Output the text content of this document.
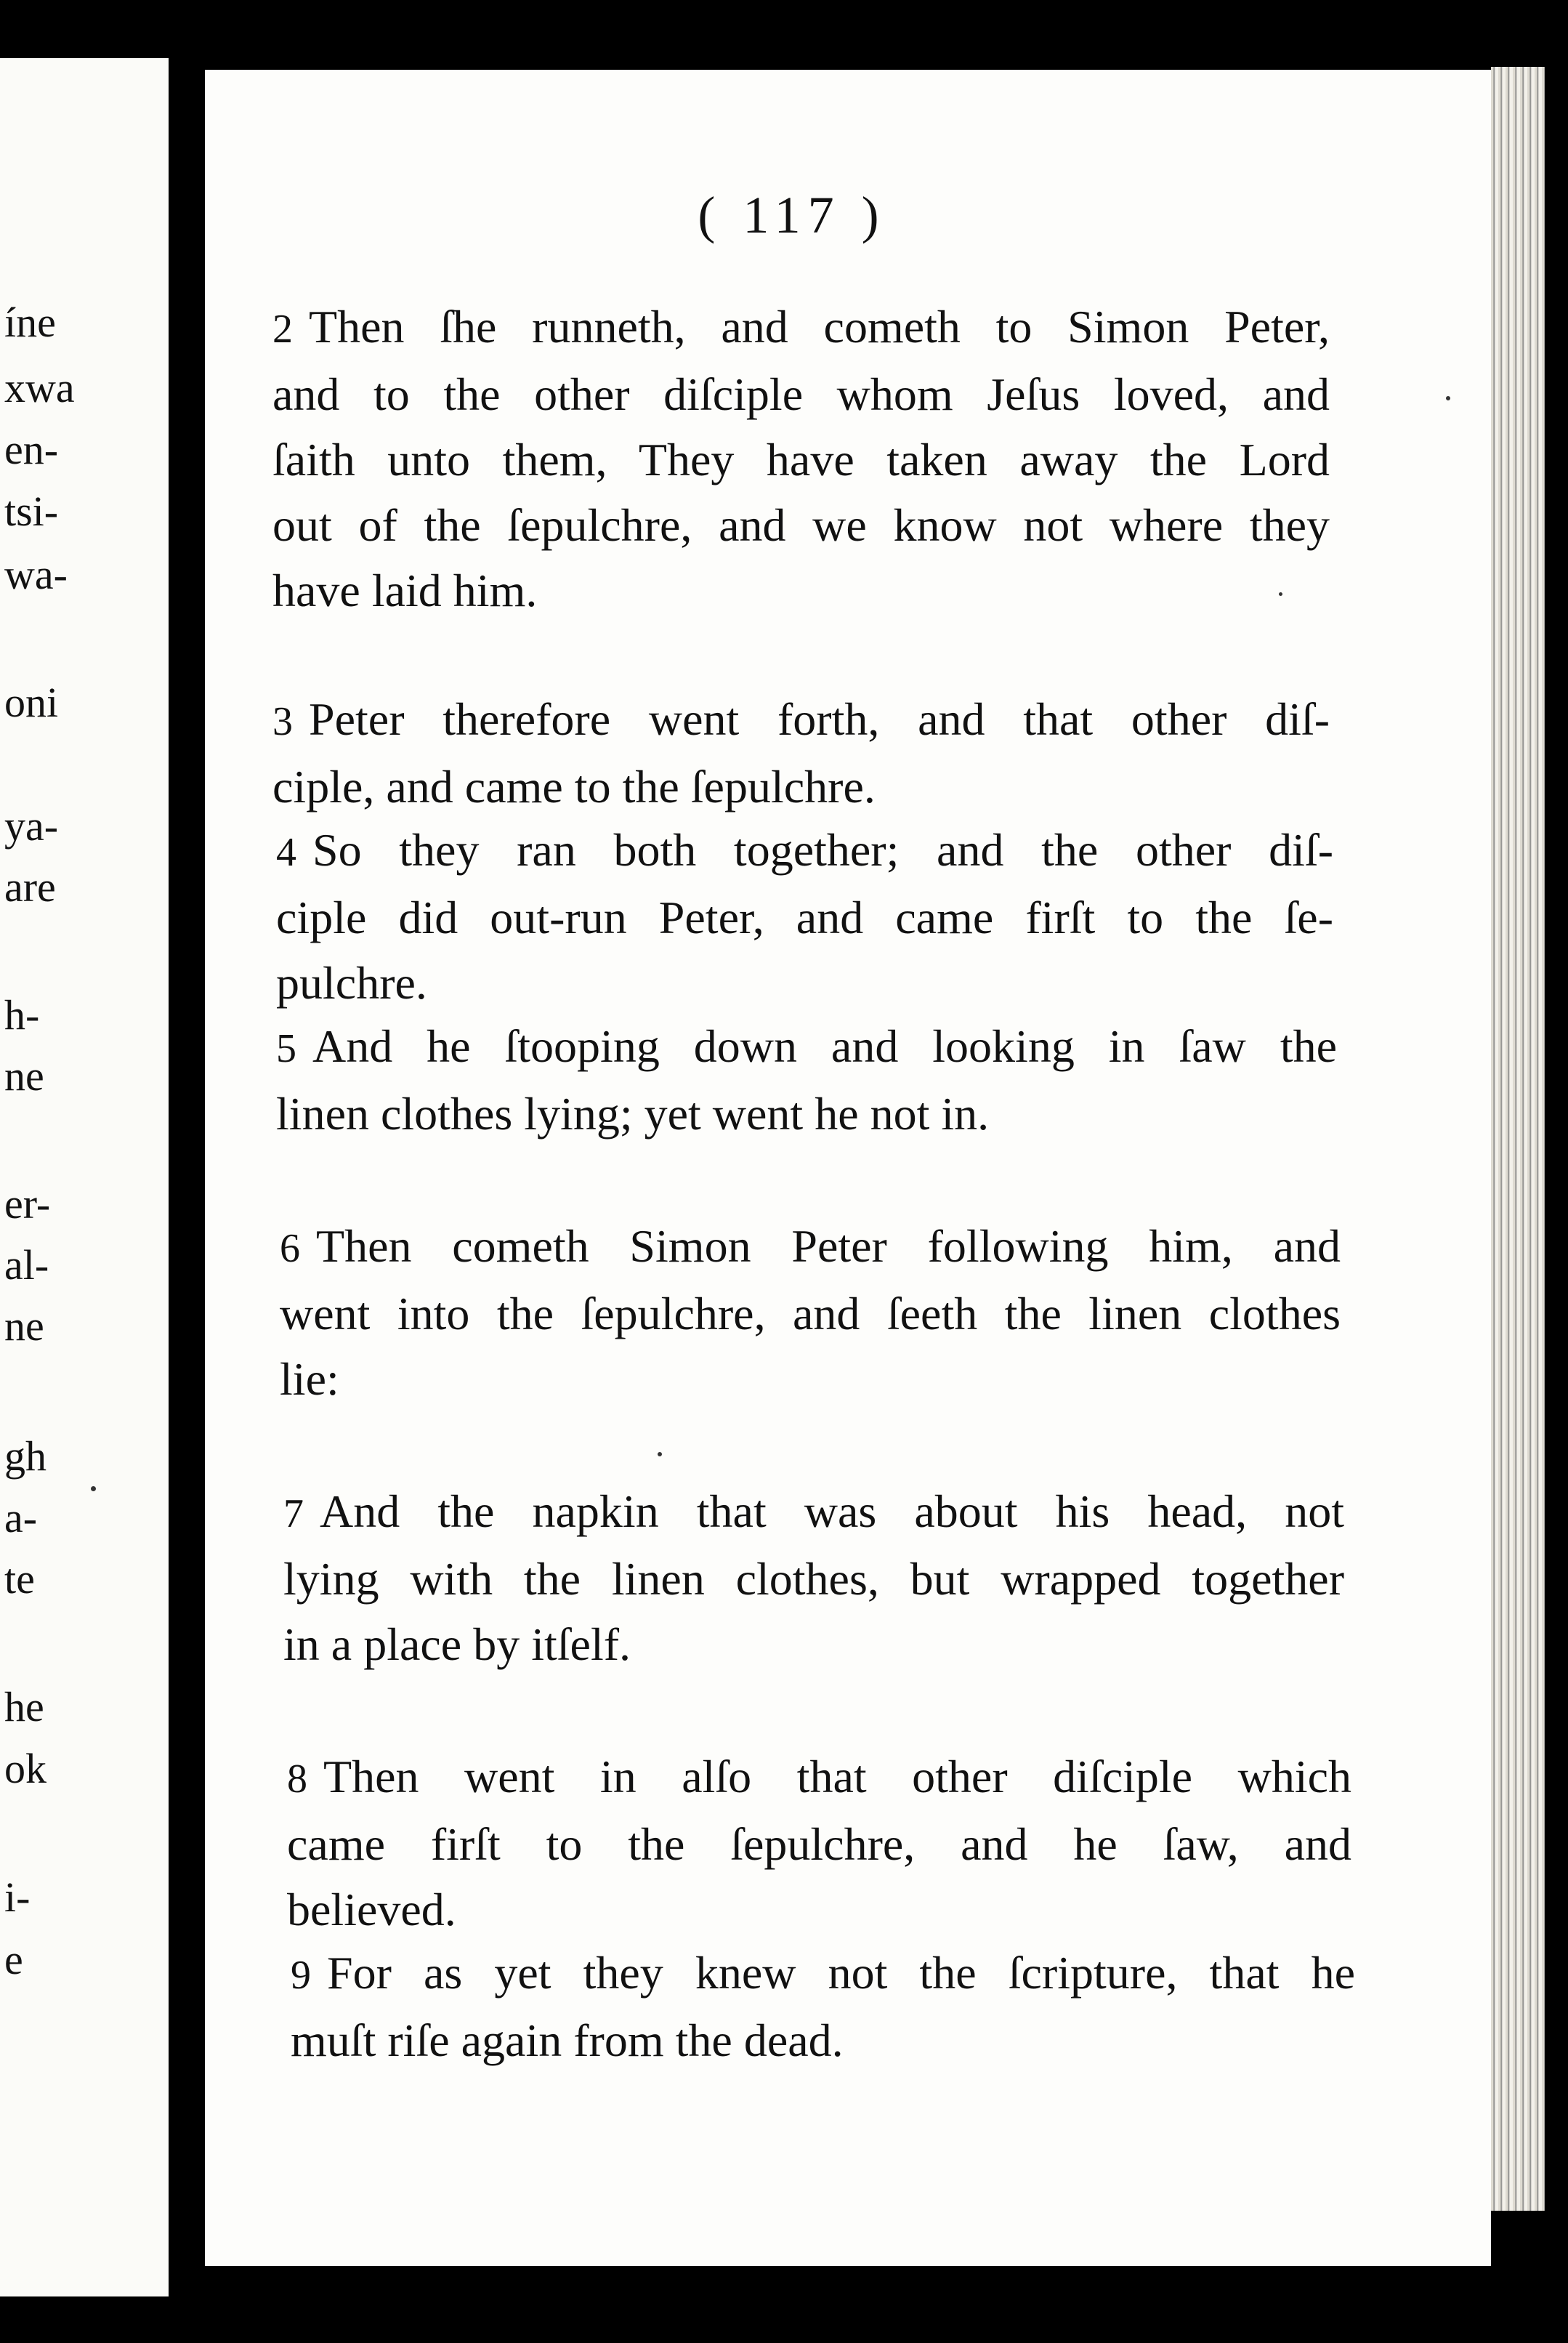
íne
xwa
en-
tsi-
wa-
oni
ya-
are
h-
ne
er-
al-
ne
gh
a-
te
he
ok
i-
e
( 117 )
2 Then ſhe runneth, and cometh to Simon Peter,
and to the other diſciple whom Jeſus loved, and
ſaith unto them, They have taken away the Lord
out of the ſepulchre, and we know not where they
have laid him.
3 Peter therefore went forth, and that other diſ-
ciple, and came to the ſepulchre.
4 So they ran both together; and the other diſ-
ciple did out-run Peter, and came firſt to the ſe-
pulchre.
5 And he ſtooping down and looking in ſaw the
linen clothes lying; yet went he not in.
6 Then cometh Simon Peter following him, and
went into the ſepulchre, and ſeeth the linen clothes
lie:
7 And the napkin that was about his head, not
lying with the linen clothes, but wrapped together
in a place by itſelf.
8 Then went in alſo that other diſciple which
came firſt to the ſepulchre, and he ſaw, and
believed.
9 For as yet they knew not the ſcripture, that he
muſt riſe again from the dead.
